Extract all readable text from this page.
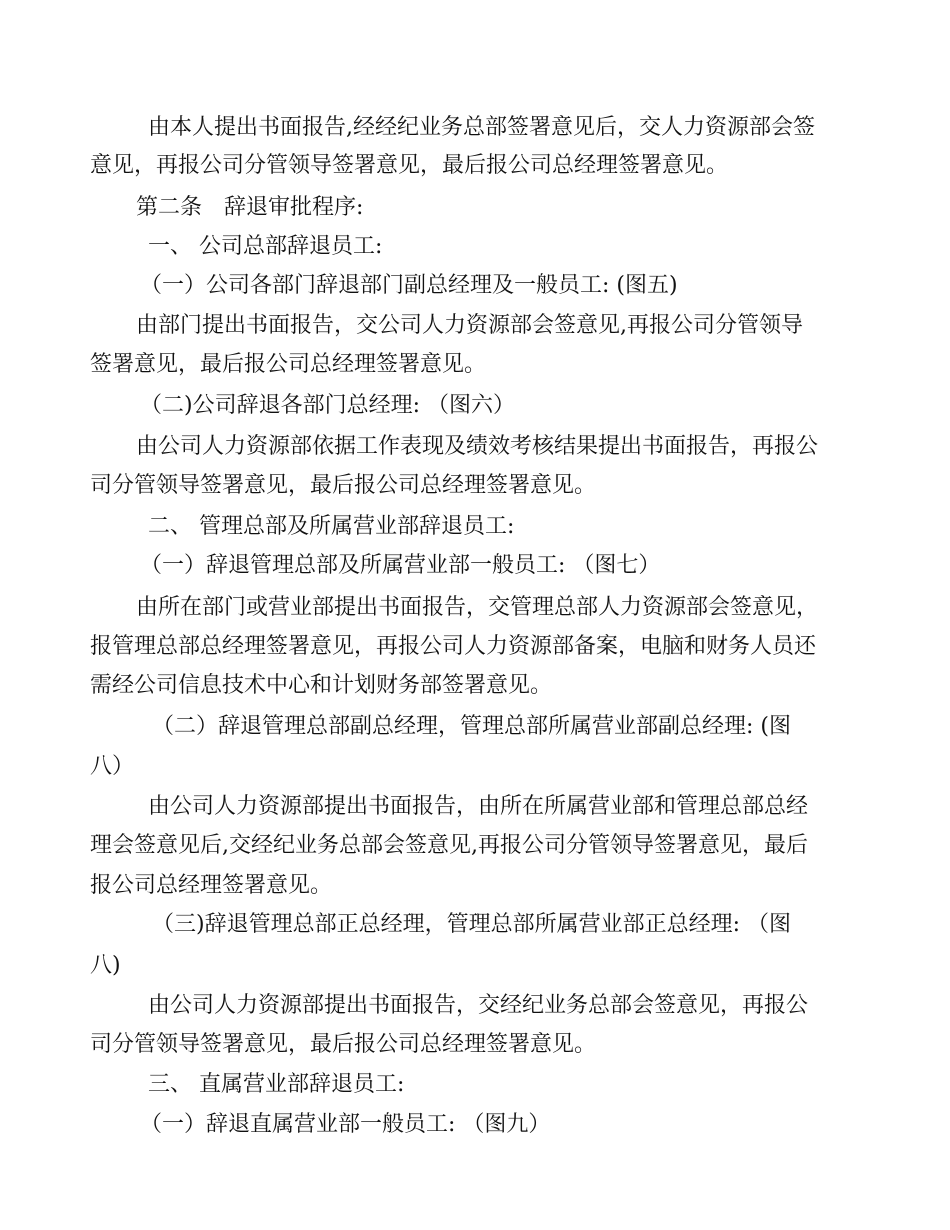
由本人提出书面报告,经经纪业务总部签署意见后，交人力资源部会签
意见，再报公司分管领导签署意见，最后报公司总经理签署意见。
第二条　辞退审批程序:
一、 公司总部辞退员工:
（一）公司各部门辞退部门副总经理及一般员工: (图五)
由部门提出书面报告，交公司人力资源部会签意见,再报公司分管领导
签署意见，最后报公司总经理签署意见。
（二)公司辞退各部门总经理: （图六）
由公司人力资源部依据工作表现及绩效考核结果提出书面报告，再报公
司分管领导签署意见，最后报公司总经理签署意见。
二、 管理总部及所属营业部辞退员工:
（一）辞退管理总部及所属营业部一般员工: （图七）
由所在部门或营业部提出书面报告，交管理总部人力资源部会签意见，
报管理总部总经理签署意见，再报公司人力资源部备案，电脑和财务人员还
需经公司信息技术中心和计划财务部签署意见。
（二）辞退管理总部副总经理，管理总部所属营业部副总经理: (图
八）
由公司人力资源部提出书面报告，由所在所属营业部和管理总部总经
理会签意见后,交经纪业务总部会签意见,再报公司分管领导签署意见，最后
报公司总经理签署意见。
（三)辞退管理总部正总经理，管理总部所属营业部正总经理: （图
八)
由公司人力资源部提出书面报告，交经纪业务总部会签意见，再报公
司分管领导签署意见，最后报公司总经理签署意见。
三、 直属营业部辞退员工:
（一）辞退直属营业部一般员工: （图九）
